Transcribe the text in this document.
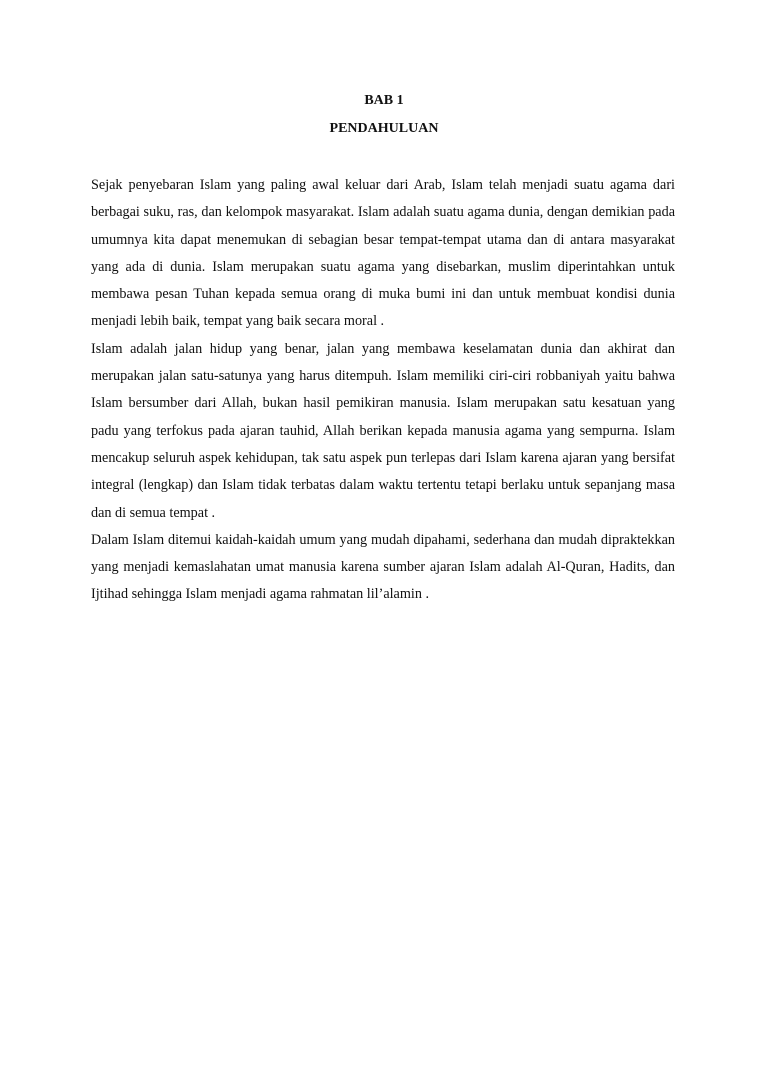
BAB 1
PENDAHULUAN

Sejak penyebaran Islam yang paling awal keluar dari Arab, Islam telah menjadi suatu agama dari berbagai suku, ras, dan kelompok masyarakat. Islam adalah suatu agama dunia, dengan demikian pada umumnya kita dapat menemukan di sebagian besar tempat-tempat utama dan di antara masyarakat yang ada di dunia. Islam merupakan suatu agama yang disebarkan, muslim diperintahkan untuk membawa pesan Tuhan kepada semua orang di muka bumi ini dan untuk membuat kondisi dunia menjadi lebih baik, tempat yang baik secara moral .

Islam adalah jalan hidup yang benar, jalan yang membawa keselamatan dunia dan akhirat dan merupakan jalan satu-satunya yang harus ditempuh. Islam memiliki ciri-ciri robbaniyah yaitu bahwa Islam bersumber dari Allah, bukan hasil pemikiran manusia. Islam merupakan satu kesatuan yang padu yang terfokus pada ajaran tauhid, Allah berikan kepada manusia agama yang sempurna. Islam mencakup seluruh aspek kehidupan, tak satu aspek pun terlepas dari Islam karena ajaran yang bersifat integral (lengkap) dan Islam tidak terbatas dalam waktu tertentu tetapi berlaku untuk sepanjang masa dan di semua tempat .

Dalam Islam ditemui kaidah-kaidah umum yang mudah dipahami, sederhana dan mudah dipraktekkan yang menjadi kemaslahatan umat manusia karena sumber ajaran Islam adalah Al-Quran, Hadits, dan Ijtihad sehingga Islam menjadi agama rahmatan lil’alamin .
